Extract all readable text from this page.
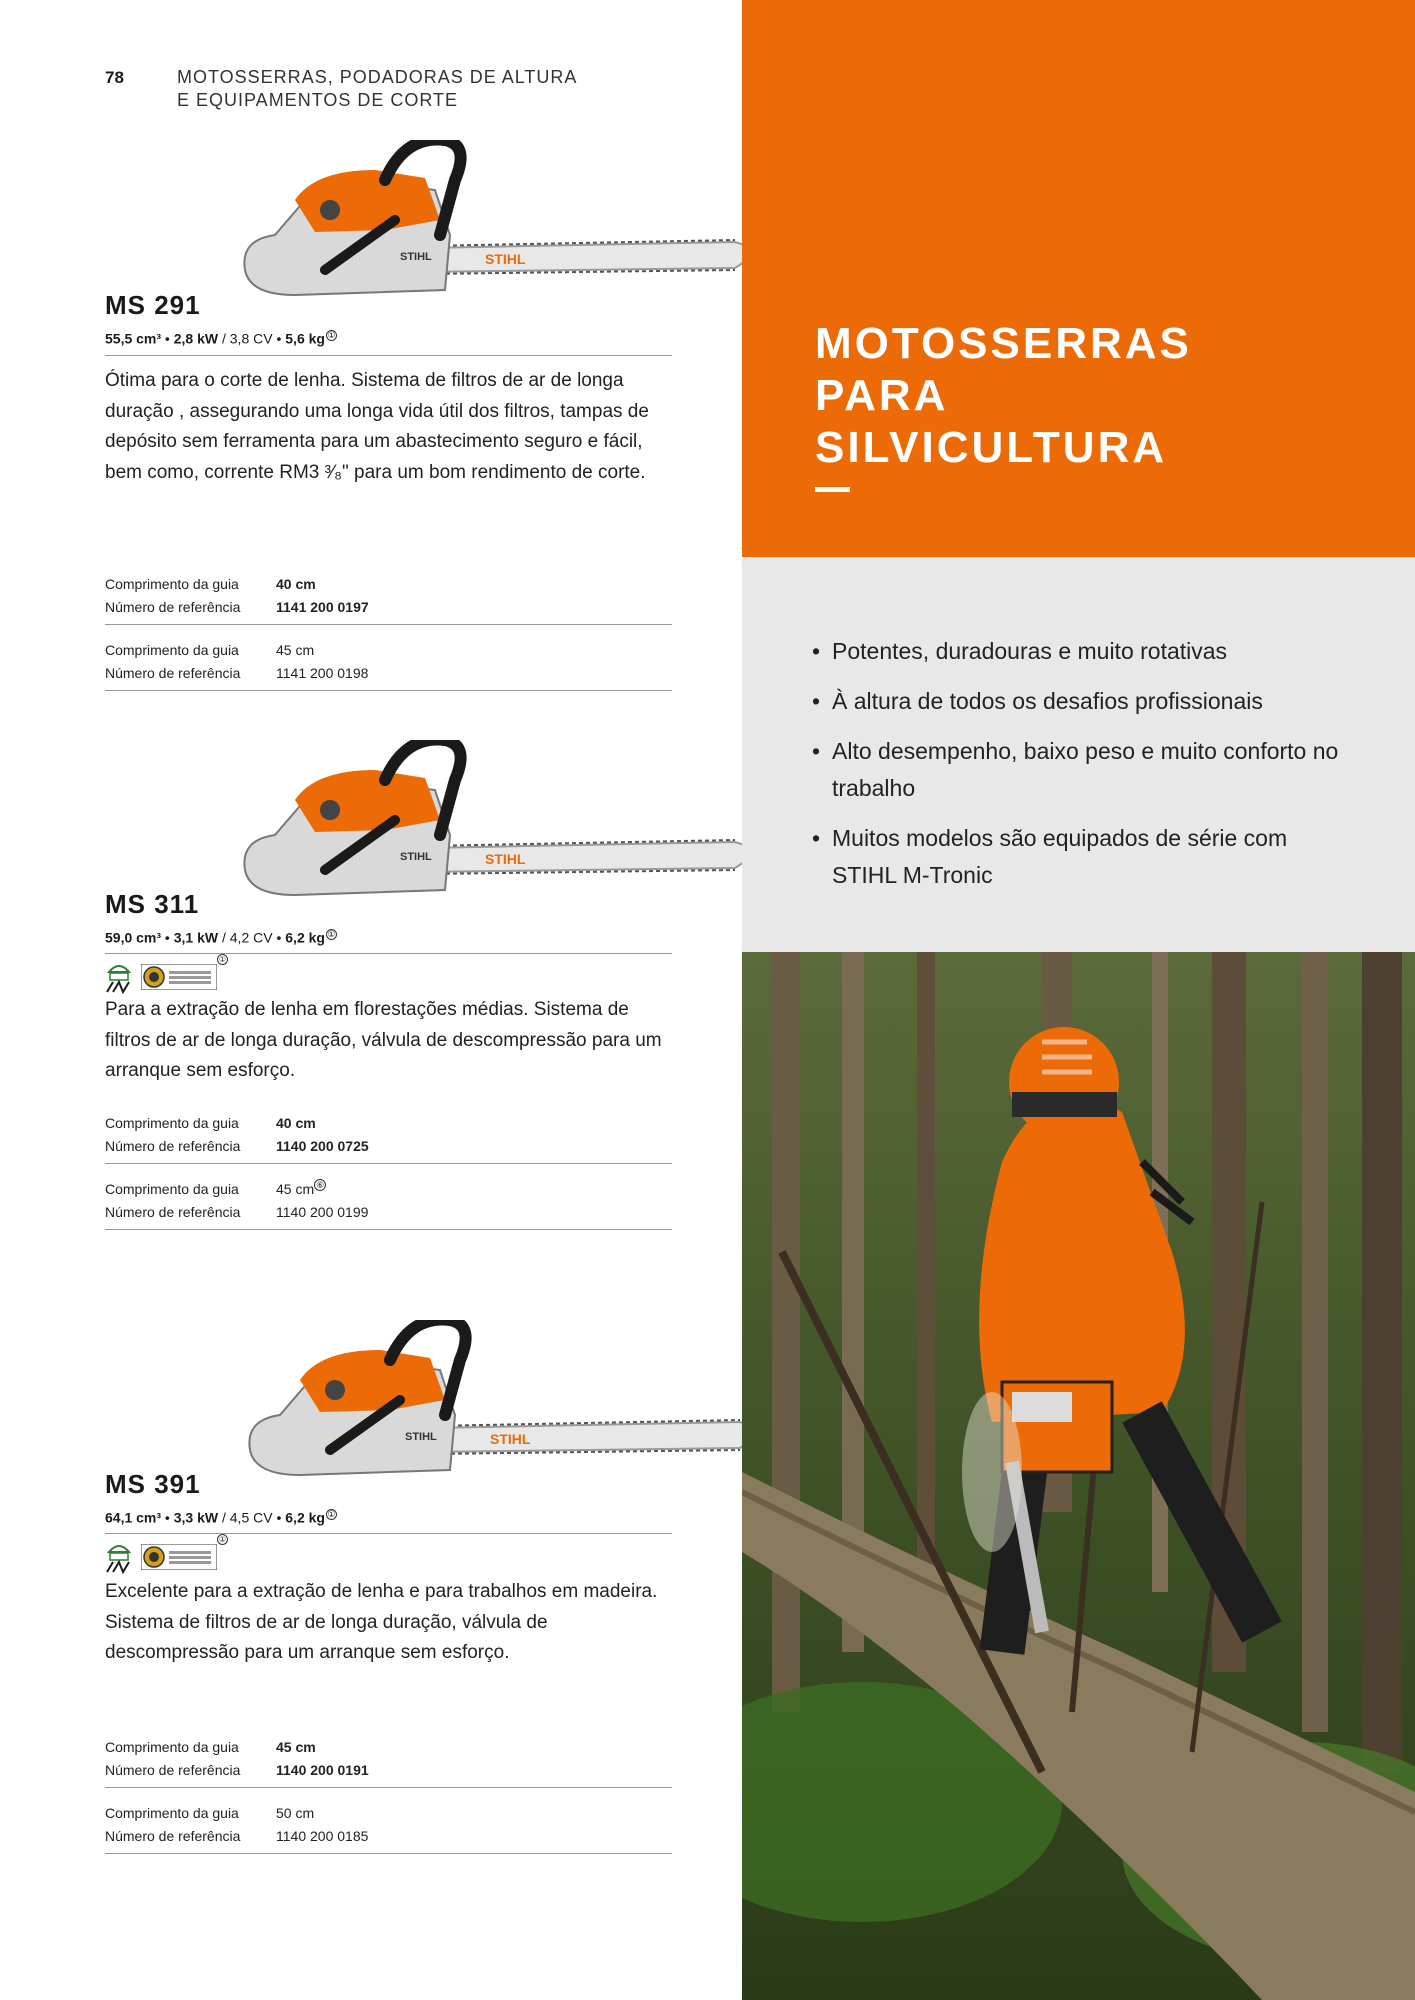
78	MOTOSSERRAS, PODADORAS DE ALTURA
E EQUIPAMENTOS DE CORTE
STIHL
STIHL
MS 291
55,5 cm³ • 2,8 kW / 3,8 CV • 5,6 kg ①
Ótima para o corte de lenha. Sistema de filtros de ar de longa duração , assegurando uma longa vida útil dos filtros, tampas de depósito sem ferramenta para um abastecimento seguro e fácil, bem como, corrente RM3 ³⁄₈" para um bom rendimento de corte.
Comprimento da guia	40 cm
Número de referência	1141 200 0197
Comprimento da guia	45 cm
Número de referência	1141 200 0198
STIHL
STIHL
MS 311
59,0 cm³ • 3,1 kW / 4,2 CV • 6,2 kg ①
①
Para a extração de lenha em florestações médias. Sistema de filtros de ar de longa duração, válvula de descompressão para um arranque sem esforço.
Comprimento da guia	40 cm
Número de referência	1140 200 0725
Comprimento da guia	45 cm ⑥
Número de referência	1140 200 0199
STIHL
STIHL
MS 391
64,1 cm³ • 3,3 kW / 4,5 CV • 6,2 kg ①
①
Excelente para a extração de lenha e para trabalhos em madeira. Sistema de filtros de ar de longa duração, válvula de descompressão para um arranque sem esforço.
Comprimento da guia	45 cm
Número de referência	1140 200 0191
Comprimento da guia	50 cm
Número de referência	1140 200 0185
MOTOSSERRAS
PARA
SILVICULTURA
• Potentes, duradouras e muito rotativas
• À altura de todos os desafios profissionais
• Alto desempenho, baixo peso e muito conforto no trabalho
• Muitos modelos são equipados de série com STIHL M-Tronic
